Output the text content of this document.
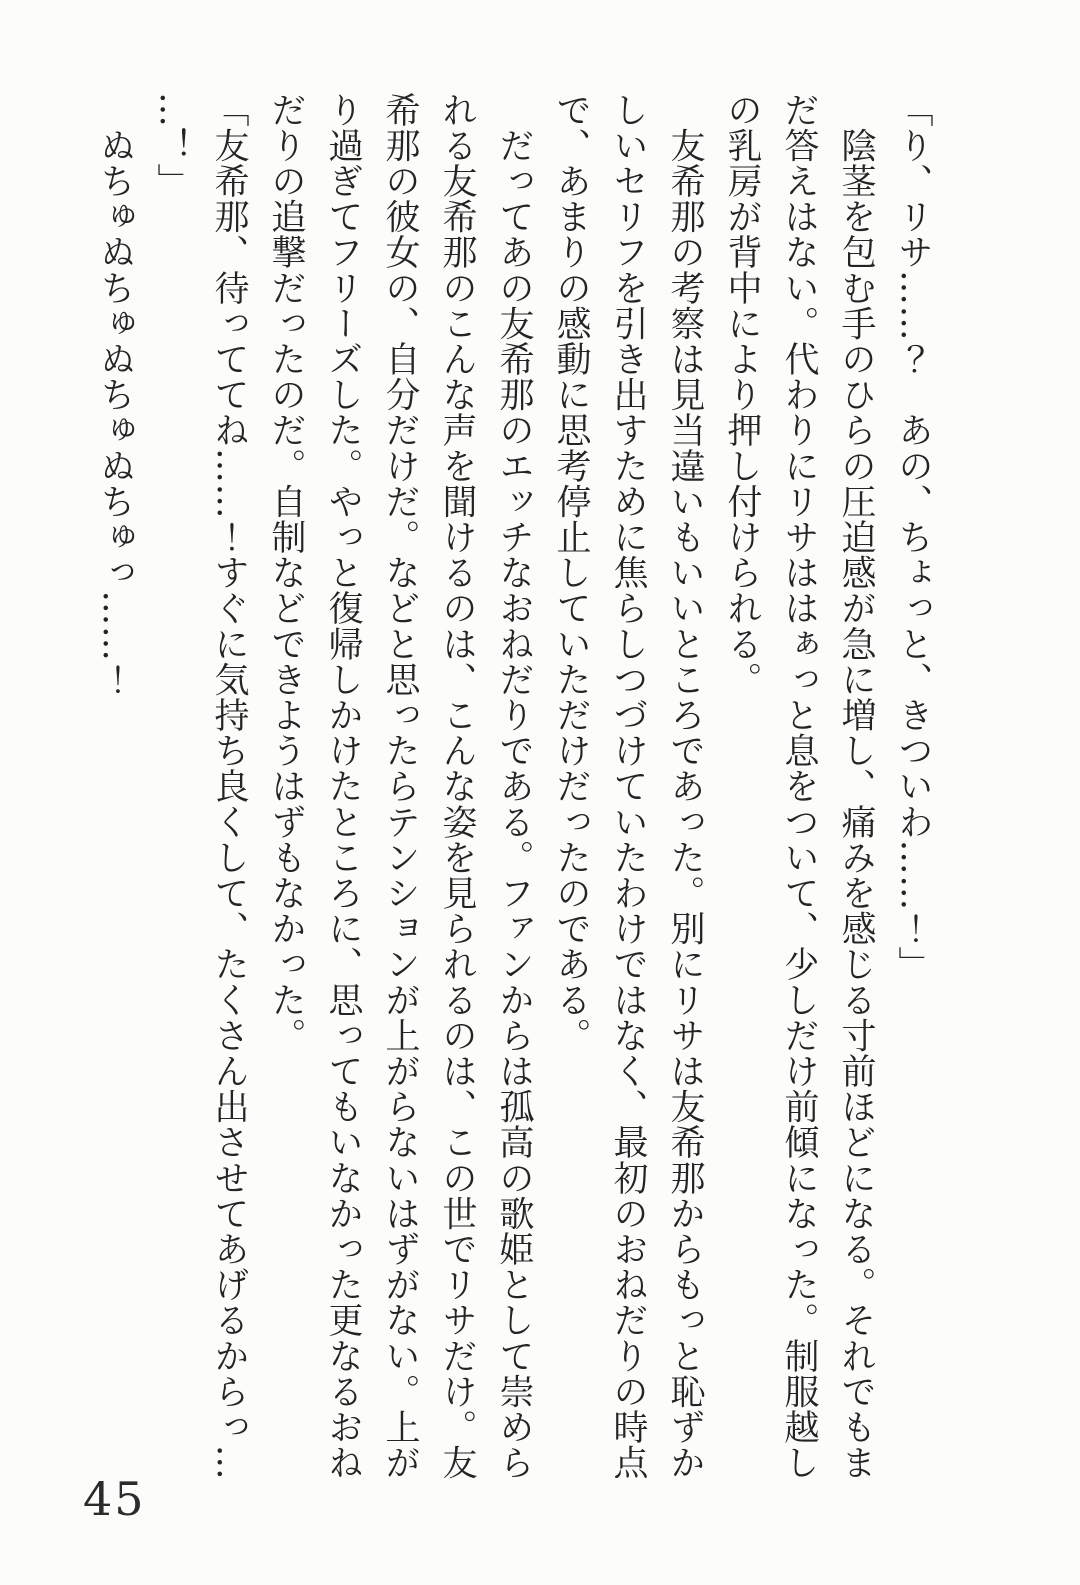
「り、リサ……？　あの、ちょっと、きついわ……！」

　陰茎を包む手のひらの圧迫感が急に増し、痛みを感じる寸前ほどになる。それでもま

だ答えはない。代わりにリサははぁっと息をついて、少しだけ前傾になった。制服越し

の乳房が背中により押し付けられる。

　友希那の考察は見当違いもいいところであった。別にリサは友希那からもっと恥ずか

しいセリフを引き出すために焦らしつづけていたわけではなく、最初のおねだりの時点

で、あまりの感動に思考停止していただけだったのである。

　だってあの友希那のエッチなおねだりである。ファンからは孤高の歌姫として崇めら

れる友希那のこんな声を聞けるのは、こんな姿を見られるのは、この世でリサだけ。友

希那の彼女の、自分だけだ。などと思ったらテンションが上がらないはずがない。上が

り過ぎてフリーズした。やっと復帰しかけたところに、思ってもいなかった更なるおね

だりの追撃だったのだ。自制などできようはずもなかった。

「友希那、待っててね……！すぐに気持ち良くして、たくさん出させてあげるからっ…

…！」

　ぬちゅぬちゅぬちゅぬちゅっ……！

45
